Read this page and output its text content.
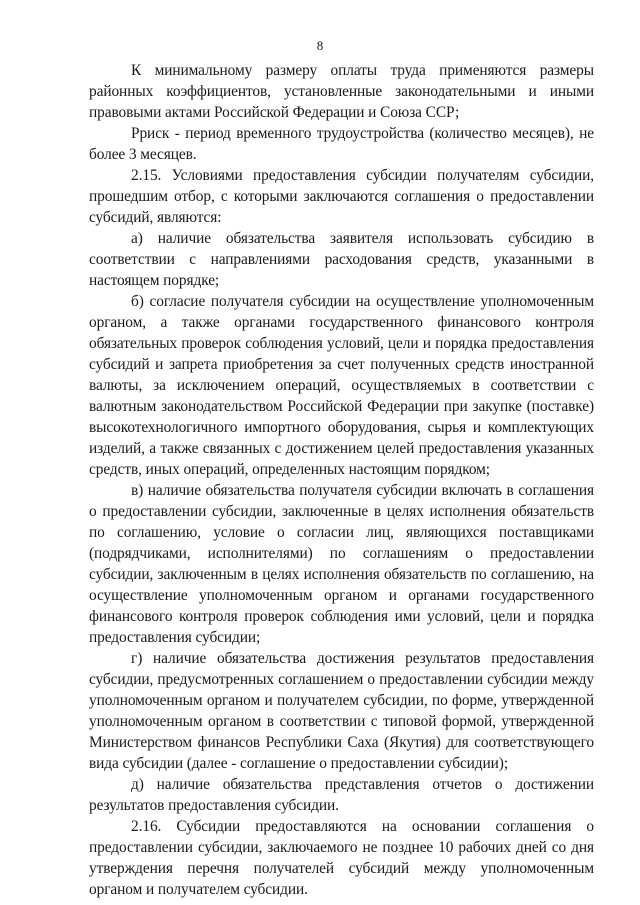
8

К минимальному размеру оплаты труда применяются размеры районных коэффициентов, установленные законодательными и иными правовыми актами Российской Федерации и Союза ССР;

Рриск - период временного трудоустройства (количество месяцев), не более 3 месяцев.

2.15. Условиями предоставления субсидии получателям субсидии, прошедшим отбор, с которыми заключаются соглашения о предоставлении субсидий, являются:

а) наличие обязательства заявителя использовать субсидию в соответствии с направлениями расходования средств, указанными в настоящем порядке;

б) согласие получателя субсидии на осуществление уполномоченным органом, а также органами государственного финансового контроля обязательных проверок соблюдения условий, цели и порядка предоставления субсидий и запрета приобретения за счет полученных средств иностранной валюты, за исключением операций, осуществляемых в соответствии с валютным законодательством Российской Федерации при закупке (поставке) высокотехнологичного импортного оборудования, сырья и комплектующих изделий, а также связанных с достижением целей предоставления указанных средств, иных операций, определенных настоящим порядком;

в) наличие обязательства получателя субсидии включать в соглашения о предоставлении субсидии, заключенные в целях исполнения обязательств по соглашению, условие о согласии лиц, являющихся поставщиками (подрядчиками, исполнителями) по соглашениям о предоставлении субсидии, заключенным в целях исполнения обязательств по соглашению, на осуществление уполномоченным органом и органами государственного финансового контроля проверок соблюдения ими условий, цели и порядка предоставления субсидии;

г) наличие обязательства достижения результатов предоставления субсидии, предусмотренных соглашением о предоставлении субсидии между уполномоченным органом и получателем субсидии, по форме, утвержденной уполномоченным органом в соответствии с типовой формой, утвержденной Министерством финансов Республики Саха (Якутия) для соответствующего вида субсидии (далее - соглашение о предоставлении субсидии);

д) наличие обязательства представления отчетов о достижении результатов предоставления субсидии.

2.16. Субсидии предоставляются на основании соглашения о предоставлении субсидии, заключаемого не позднее 10 рабочих дней со дня утверждения перечня получателей субсидий между уполномоченным органом и получателем субсидии.
